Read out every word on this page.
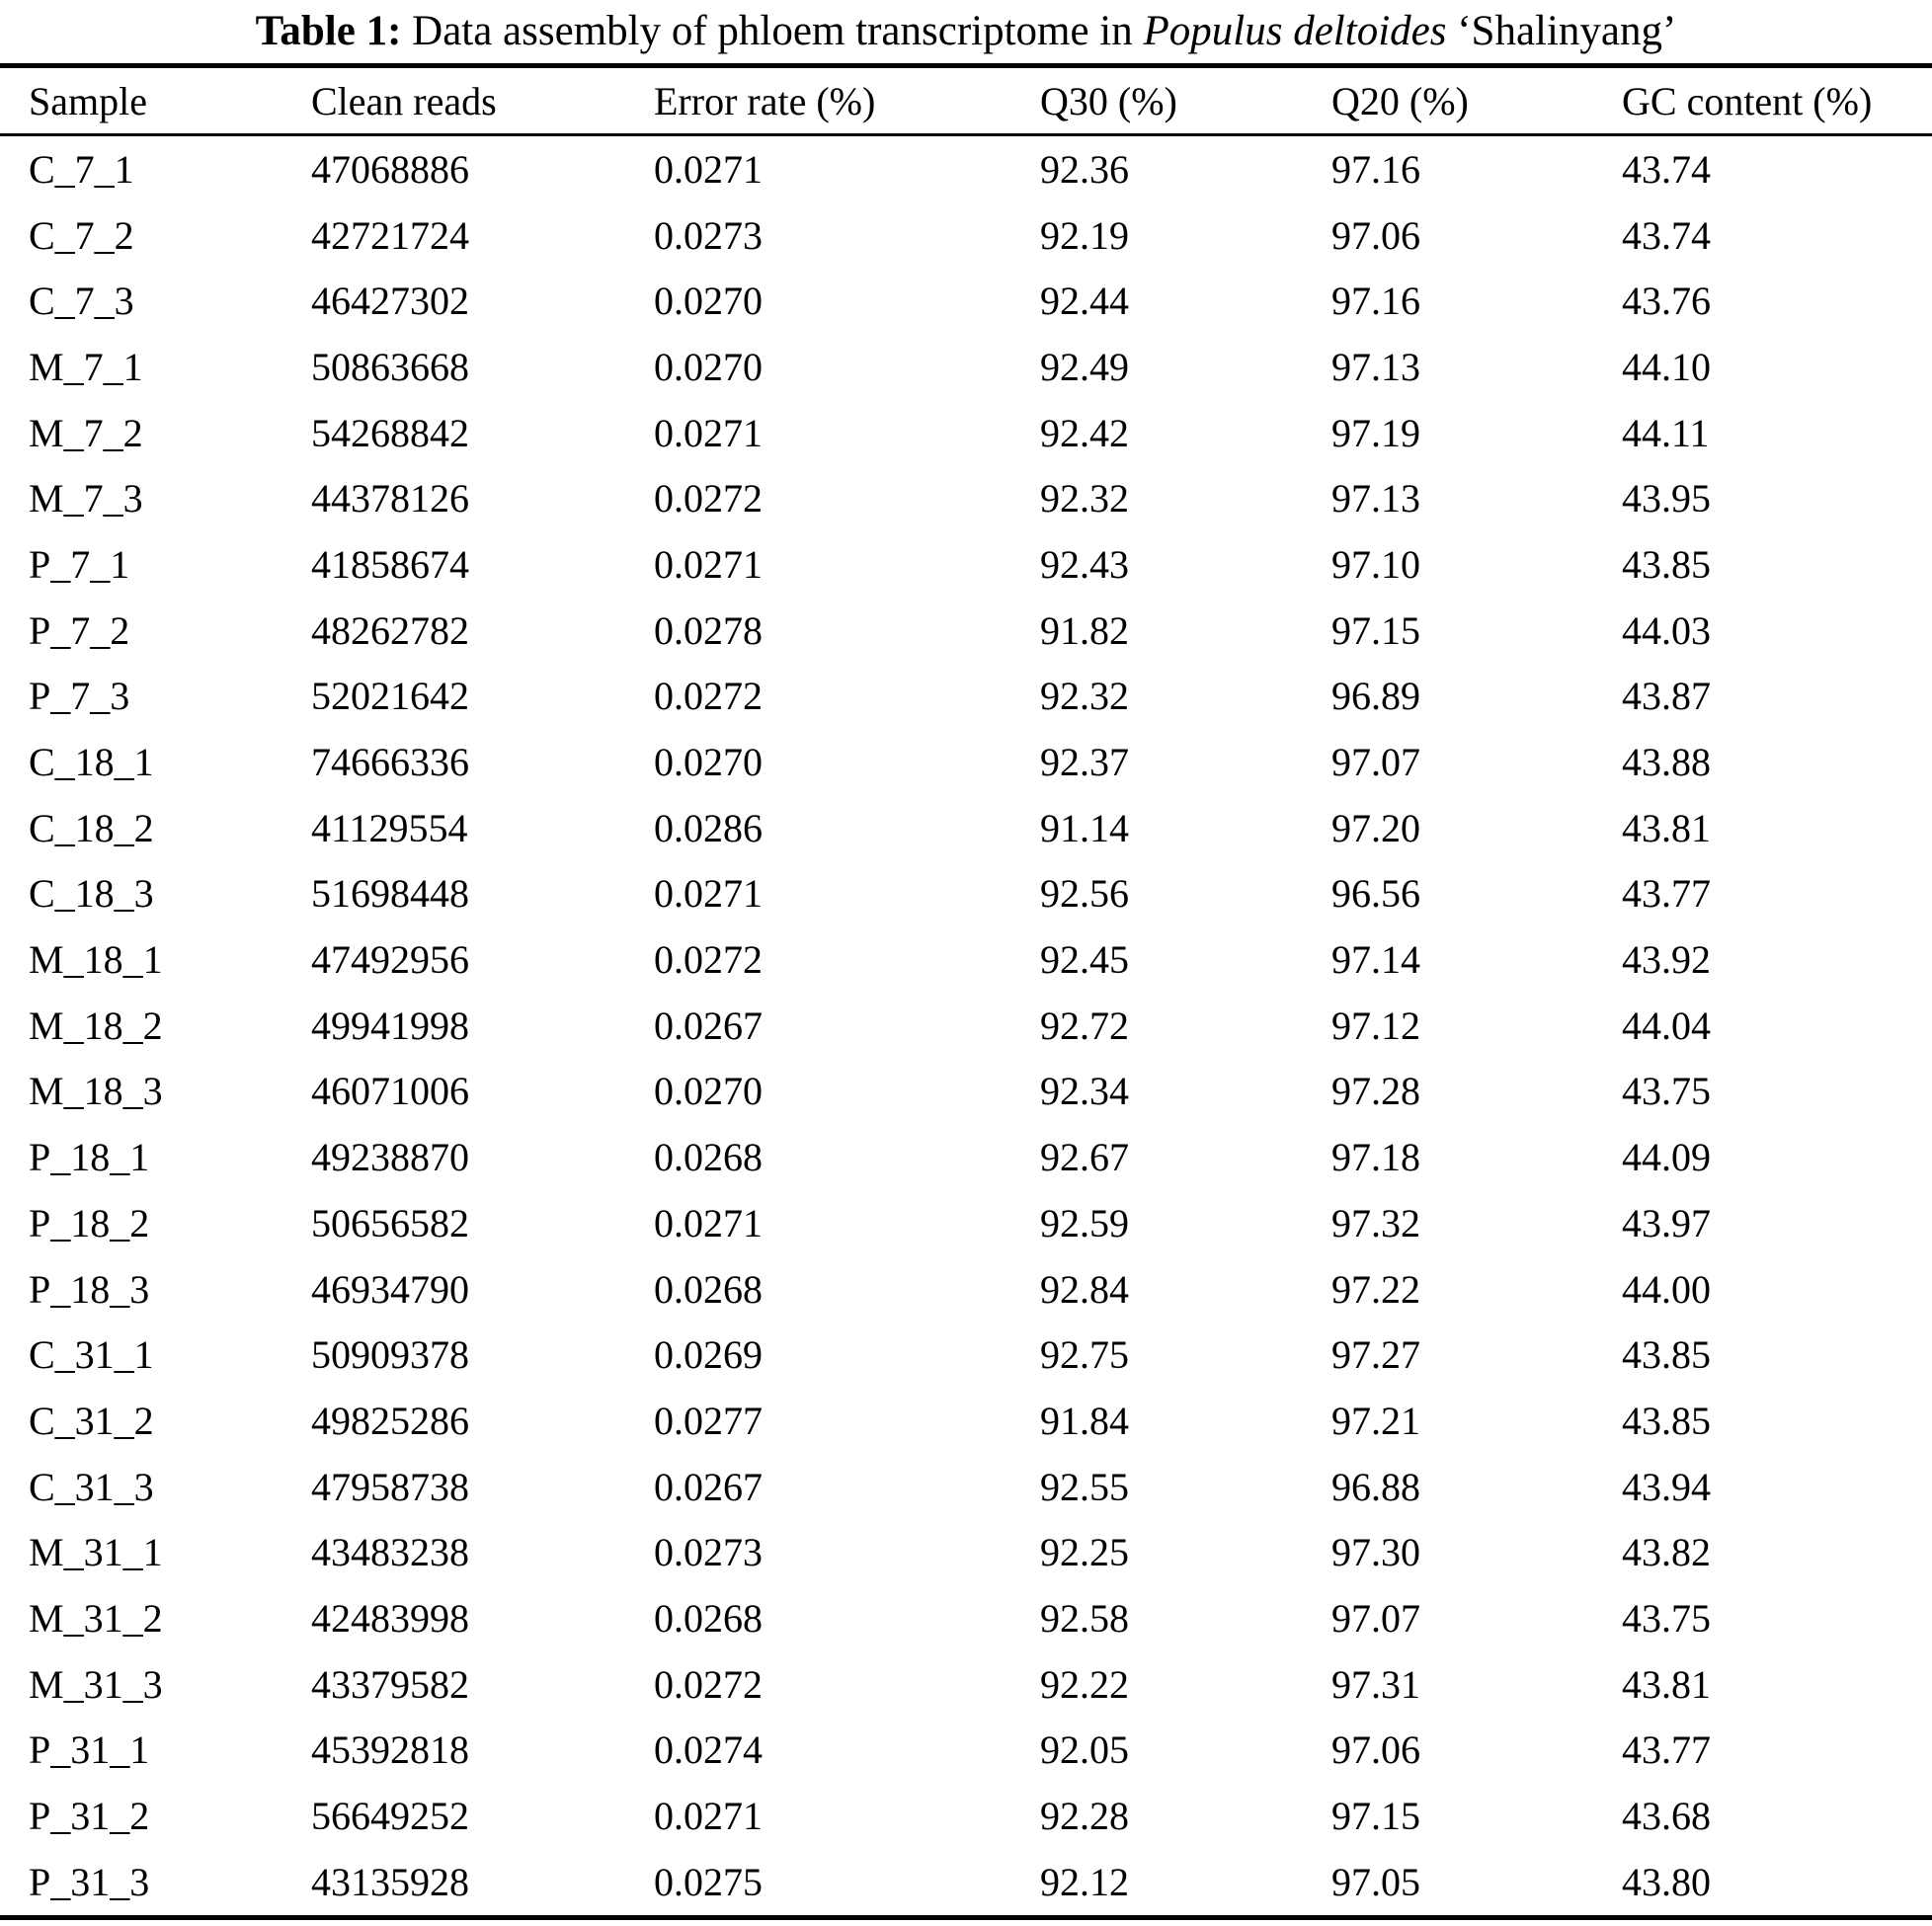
Table 1: Data assembly of phloem transcriptome in Populus deltoides ‘Shalinyang’
Sample	Clean reads	Error rate (%)	Q30 (%)	Q20 (%)	GC content (%)
C_7_1	47068886	0.0271	92.36	97.16	43.74
C_7_2	42721724	0.0273	92.19	97.06	43.74
C_7_3	46427302	0.0270	92.44	97.16	43.76
M_7_1	50863668	0.0270	92.49	97.13	44.10
M_7_2	54268842	0.0271	92.42	97.19	44.11
M_7_3	44378126	0.0272	92.32	97.13	43.95
P_7_1	41858674	0.0271	92.43	97.10	43.85
P_7_2	48262782	0.0278	91.82	97.15	44.03
P_7_3	52021642	0.0272	92.32	96.89	43.87
C_18_1	74666336	0.0270	92.37	97.07	43.88
C_18_2	41129554	0.0286	91.14	97.20	43.81
C_18_3	51698448	0.0271	92.56	96.56	43.77
M_18_1	47492956	0.0272	92.45	97.14	43.92
M_18_2	49941998	0.0267	92.72	97.12	44.04
M_18_3	46071006	0.0270	92.34	97.28	43.75
P_18_1	49238870	0.0268	92.67	97.18	44.09
P_18_2	50656582	0.0271	92.59	97.32	43.97
P_18_3	46934790	0.0268	92.84	97.22	44.00
C_31_1	50909378	0.0269	92.75	97.27	43.85
C_31_2	49825286	0.0277	91.84	97.21	43.85
C_31_3	47958738	0.0267	92.55	96.88	43.94
M_31_1	43483238	0.0273	92.25	97.30	43.82
M_31_2	42483998	0.0268	92.58	97.07	43.75
M_31_3	43379582	0.0272	92.22	97.31	43.81
P_31_1	45392818	0.0274	92.05	97.06	43.77
P_31_2	56649252	0.0271	92.28	97.15	43.68
P_31_3	43135928	0.0275	92.12	97.05	43.80
